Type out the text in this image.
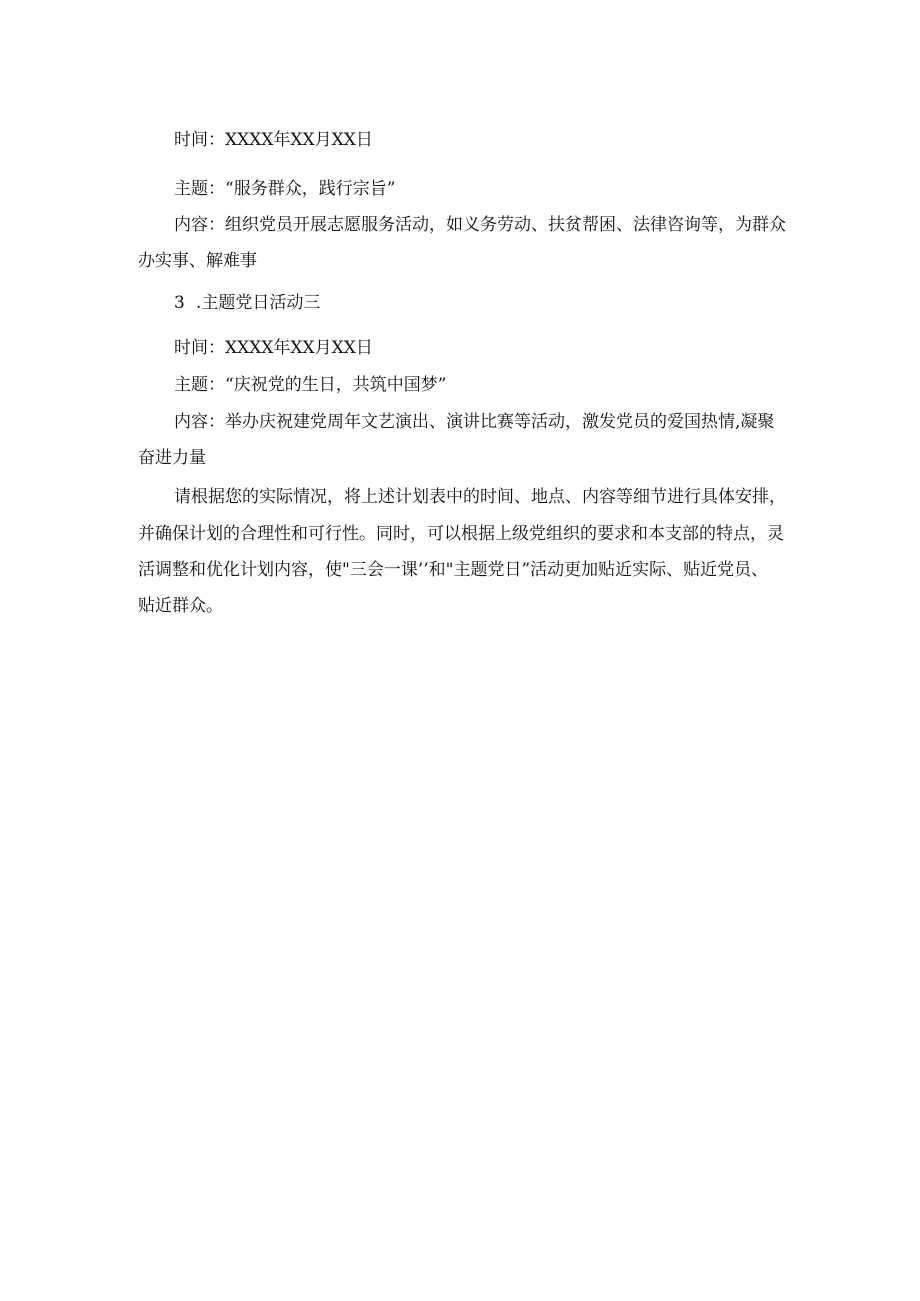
时间：XXXX年XX月XX日
主题：“服务群众，践行宗旨”
内容：组织党员开展志愿服务活动，如义务劳动、扶贫帮困、法律咨询等，为群众
办实事、解难事
3 .主题党日活动三
时间：XXXX年XX月XX日
主题：“庆祝党的生日，共筑中国梦”
内容：举办庆祝建党周年文艺演出、演讲比赛等活动，激发党员的爱国热情,凝聚
奋进力量
请根据您的实际情况，将上述计划表中的时间、地点、内容等细节进行具体安排，
并确保计划的合理性和可行性。同时，可以根据上级党组织的要求和本支部的特点，灵
活调整和优化计划内容，使"三会一课’’和"主题党日”活动更加贴近实际、贴近党员、
贴近群众。
